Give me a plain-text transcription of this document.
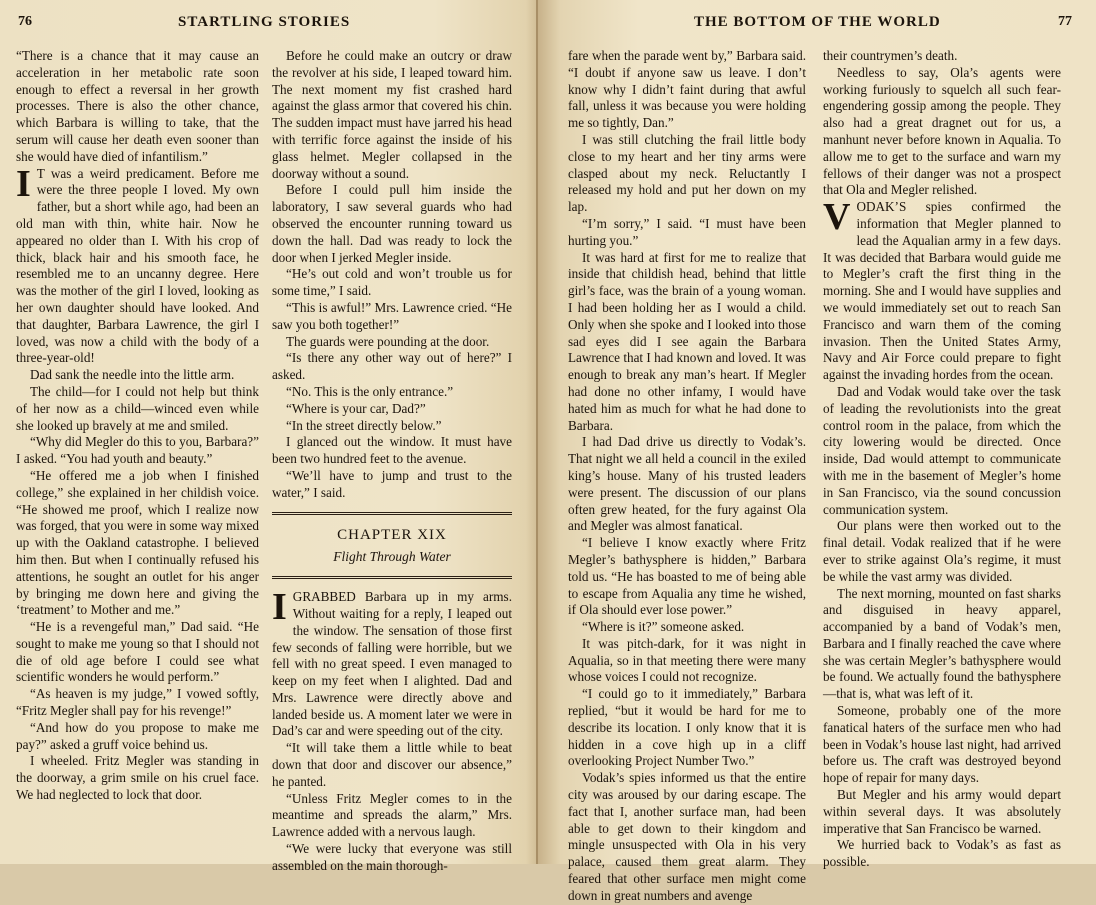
76	STARTLING STORIES

“There is a chance that it may cause an acceleration in her metabolic rate soon enough to effect a reversal in her growth processes. There is also the other chance, which Barbara is willing to take, that the serum will cause her death even sooner than she would have died of infantilism.”

I T was a weird predicament. Before me were the three people I loved. My own father, but a short while ago, had been an old man with thin, white hair. Now he appeared no older than I. With his crop of thick, black hair and his smooth face, he resembled me to an uncanny degree. Here was the mother of the girl I loved, looking as her own daughter should have looked. And that daughter, Barbara Lawrence, the girl I loved, was now a child with the body of a three-year-old!

Dad sank the needle into the little arm.

The child—for I could not help but think of her now as a child—winced even while she looked up bravely at me and smiled.

“Why did Megler do this to you, Barbara?” I asked. “You had youth and beauty.”

“He offered me a job when I finished college,” she explained in her childish voice. “He showed me proof, which I realize now was forged, that you were in some way mixed up with the Oakland catastrophe. I believed him then. But when I continually refused his attentions, he sought an outlet for his anger by bringing me down here and giving the ‘treatment’ to Mother and me.”

“He is a revengeful man,” Dad said. “He sought to make me young so that I should not die of old age before I could see what scientific wonders he would perform.”

“As heaven is my judge,” I vowed softly, “Fritz Megler shall pay for his revenge!”

“And how do you propose to make me pay?” asked a gruff voice behind us.

I wheeled. Fritz Megler was standing in the doorway, a grim smile on his cruel face. We had neglected to lock that door.

Before he could make an outcry or draw the revolver at his side, I leaped toward him. The next moment my fist crashed hard against the glass armor that covered his chin. The sudden impact must have jarred his head with terrific force against the inside of his glass helmet. Megler collapsed in the doorway without a sound.

Before I could pull him inside the laboratory, I saw several guards who had observed the encounter running toward us down the hall. Dad was ready to lock the door when I jerked Megler inside.

“He’s out cold and won’t trouble us for some time,” I said.

“This is awful!” Mrs. Lawrence cried. “He saw you both together!”

The guards were pounding at the door.

“Is there any other way out of here?” I asked.

“No. This is the only entrance.”

“Where is your car, Dad?”

“In the street directly below.”

I glanced out the window. It must have been two hundred feet to the avenue.

“We’ll have to jump and trust to the water,” I said.

CHAPTER XIX
Flight Through Water

I GRABBED Barbara up in my arms. Without waiting for a reply, I leaped out the window. The sensation of those first few seconds of falling were horrible, but we fell with no great speed. I even managed to keep on my feet when I alighted. Dad and Mrs. Lawrence were directly above and landed beside us. A moment later we were in Dad’s car and were speeding out of the city.

“It will take them a little while to beat down that door and discover our absence,” he panted.

“Unless Fritz Megler comes to in the meantime and spreads the alarm,” Mrs. Lawrence added with a nervous laugh.

“We were lucky that everyone was still assembled on the main thorough-

THE BOTTOM OF THE WORLD	77

fare when the parade went by,” Barbara said. “I doubt if anyone saw us leave. I don’t know why I didn’t faint during that awful fall, unless it was because you were holding me so tightly, Dan.”

I was still clutching the frail little body close to my heart and her tiny arms were clasped about my neck. Reluctantly I released my hold and put her down on my lap.

“I’m sorry,” I said. “I must have been hurting you.”

It was hard at first for me to realize that inside that childish head, behind that little girl’s face, was the brain of a young woman. I had been holding her as I would a child. Only when she spoke and I looked into those sad eyes did I see again the Barbara Lawrence that I had known and loved. It was enough to break any man’s heart. If Megler had done no other infamy, I would have hated him as much for what he had done to Barbara.

I had Dad drive us directly to Vodak’s. That night we all held a council in the exiled king’s house. Many of his trusted leaders were present. The discussion of our plans often grew heated, for the fury against Ola and Megler was almost fanatical.

“I believe I know exactly where Fritz Megler’s bathysphere is hidden,” Barbara told us. “He has boasted to me of being able to escape from Aqualia any time he wished, if Ola should ever lose power.”

“Where is it?” someone asked.

It was pitch-dark, for it was night in Aqualia, so in that meeting there were many whose voices I could not recognize.

“I could go to it immediately,” Barbara replied, “but it would be hard for me to describe its location. I only know that it is hidden in a cove high up in a cliff overlooking Project Number Two.”

Vodak’s spies informed us that the entire city was aroused by our daring escape. The fact that I, another surface man, had been able to get down to their kingdom and mingle unsuspected with Ola in his very palace, caused them great alarm. They feared that other surface men might come down in great numbers and avenge

their countrymen’s death.

Needless to say, Ola’s agents were working furiously to squelch all such fear-engendering gossip among the people. They also had a great dragnet out for us, a manhunt never before known in Aqualia. To allow me to get to the surface and warn my fellows of their danger was not a prospect that Ola and Megler relished.

VODAK’S spies confirmed the information that Megler planned to lead the Aqualian army in a few days. It was decided that Barbara would guide me to Megler’s craft the first thing in the morning. She and I would have supplies and we would immediately set out to reach San Francisco and warn them of the coming invasion. Then the United States Army, Navy and Air Force could prepare to fight against the invading hordes from the ocean.

Dad and Vodak would take over the task of leading the revolutionists into the great control room in the palace, from which the city lowering would be directed. Once inside, Dad would attempt to communicate with me in the basement of Megler’s home in San Francisco, via the sound concussion communication system.

Our plans were then worked out to the final detail. Vodak realized that if he were ever to strike against Ola’s regime, it must be while the vast army was divided.

The next morning, mounted on fast sharks and disguised in heavy apparel, accompanied by a band of Vodak’s men, Barbara and I finally reached the cave where she was certain Megler’s bathysphere would be found. We actually found the bathysphere—that is, what was left of it.

Someone, probably one of the more fanatical haters of the surface men who had been in Vodak’s house last night, had arrived before us. The craft was destroyed beyond hope of repair for many days.

But Megler and his army would depart within several days. It was absolutely imperative that San Francisco be warned.

We hurried back to Vodak’s as fast as possible.
